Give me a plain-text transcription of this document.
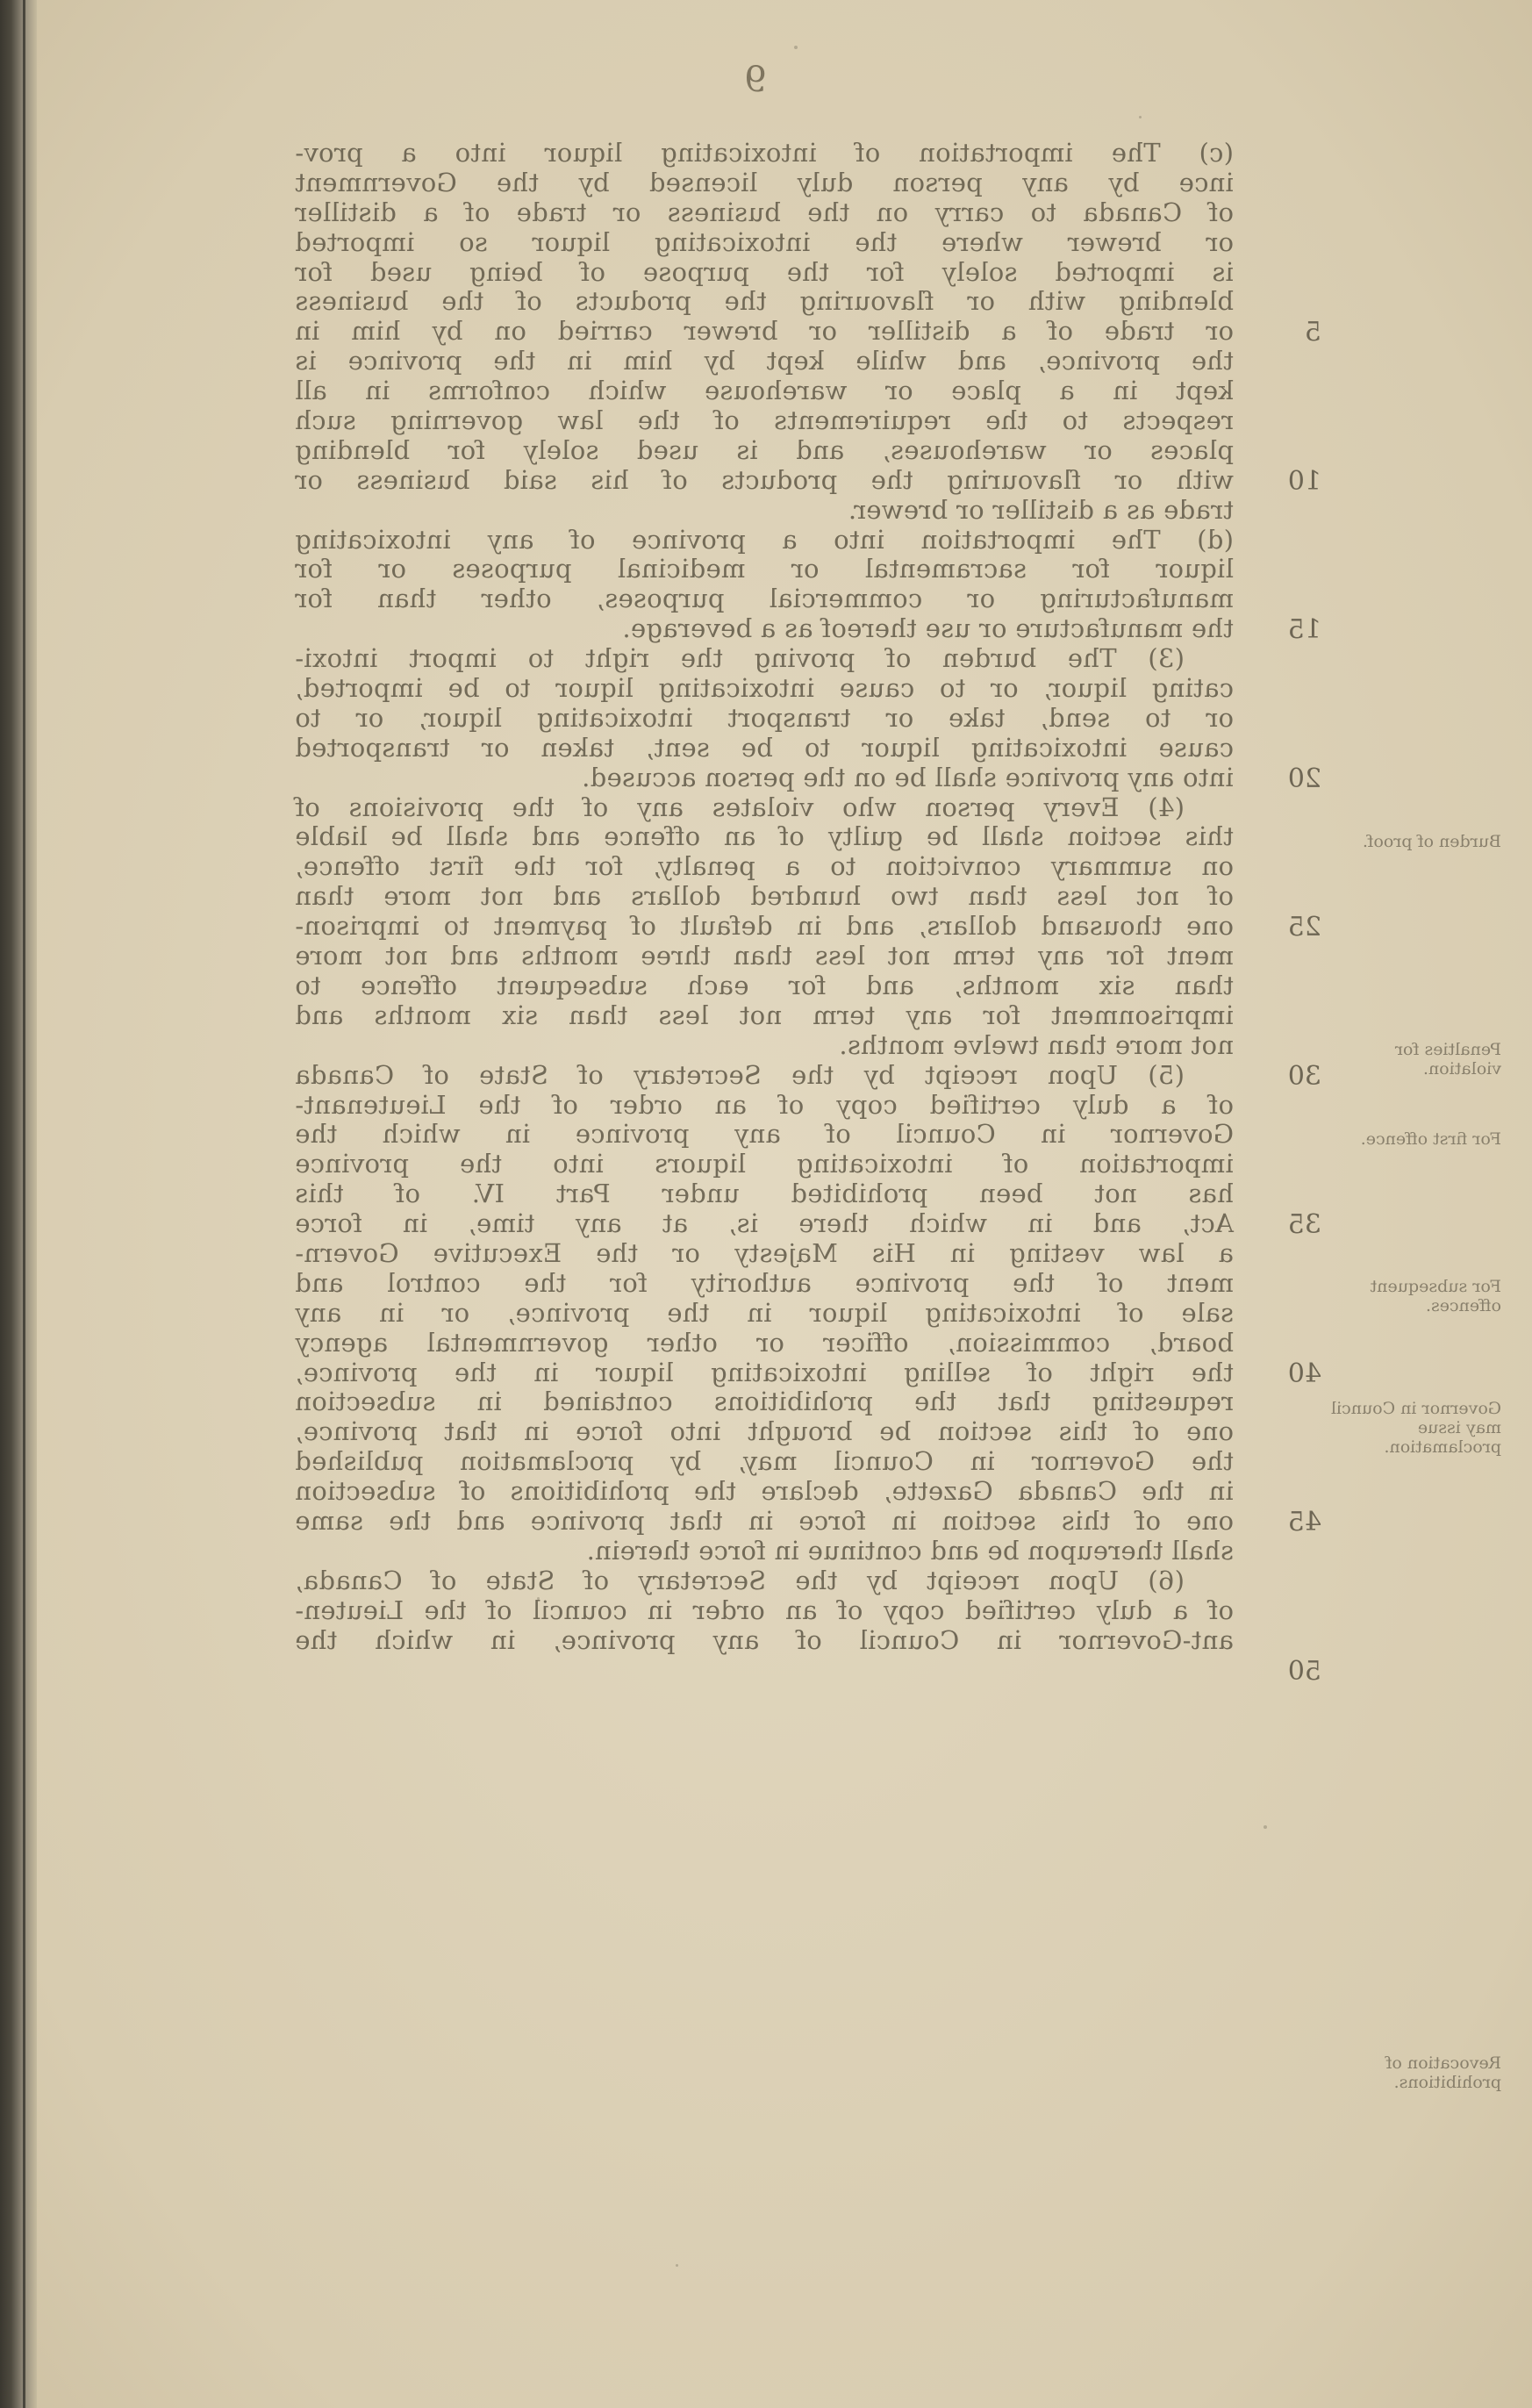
9
(c) The importation of intoxicating liquor into a prov-
ince by any person duly licensed by the Government
of Canada to carry on the business or trade of a distiller
or brewer where the intoxicating liquor so imported
is imported solely for the purpose of being used for
blending with or flavouring the products of the business
or trade of a distiller or brewer carried on by him in
the province, and while kept by him in the province is
kept in a place or warehouse which conforms in all
respects to the requirements of the law governing such
places or warehouses, and is used solely for blending
with or flavouring the products of his said business or
trade as a distiller or brewer.
(d) The importation into a province of any intoxicating
liquor for sacramental or medicinal purposes or for
manufacturing or commercial purposes, other than for
the manufacture or use thereof as a beverage.
(3) The burden of proving the right to import intoxi-
cating liquor, or to cause intoxicating liquor to be imported,
or to send, take or transport intoxicating liquor, or to
cause intoxicating liquor to be sent, taken or transported
into any province shall be on the person accused.
(4) Every person who violates any of the provisions of
this section shall be guilty of an offence and shall be liable
on summary conviction to a penalty, for the first offence,
of not less than two hundred dollars and not more than
one thousand dollars, and in default of payment to imprison-
ment for any term not less than three months and not more
than six months, and for each subsequent offence to
imprisonment for any term not less than six months and
not more than twelve months.
(5) Upon receipt by the Secretary of State of Canada
of a duly certified copy of an order of the Lieutenant-
Governor in Council of any province in which the
importation of intoxicating liquors into the province
has not been prohibited under Part IV. of this
Act, and in which there is, at any time, in force
a law vesting in His Majesty or the Executive Govern-
ment of the province authority for the control and
sale of intoxicating liquor in the province, or in any
board, commission, officer or other governmental agency
the right of selling intoxicating liquor in the province,
requesting that the prohibitions contained in subsection
one of this section be brought into force in that province,
the Governor in Council may, by proclamation published
in the Canada Gazette, declare the prohibitions of subsection
one of this section in force in that province and the same
shall thereupon be and continue in force therein.
(6) Upon receipt by the Secretary of State of Canada,
of a duly certified copy of an order in council of the Lieuten-
ant-Governor in Council of any province, in which the
5
10
15
20
25
30
35
40
45
50
Burden of proof.
Penalties for violation.
For first offence.
For subsequent offences.
Governor in Council may issue proclamation.
Revocation of prohibitions.
